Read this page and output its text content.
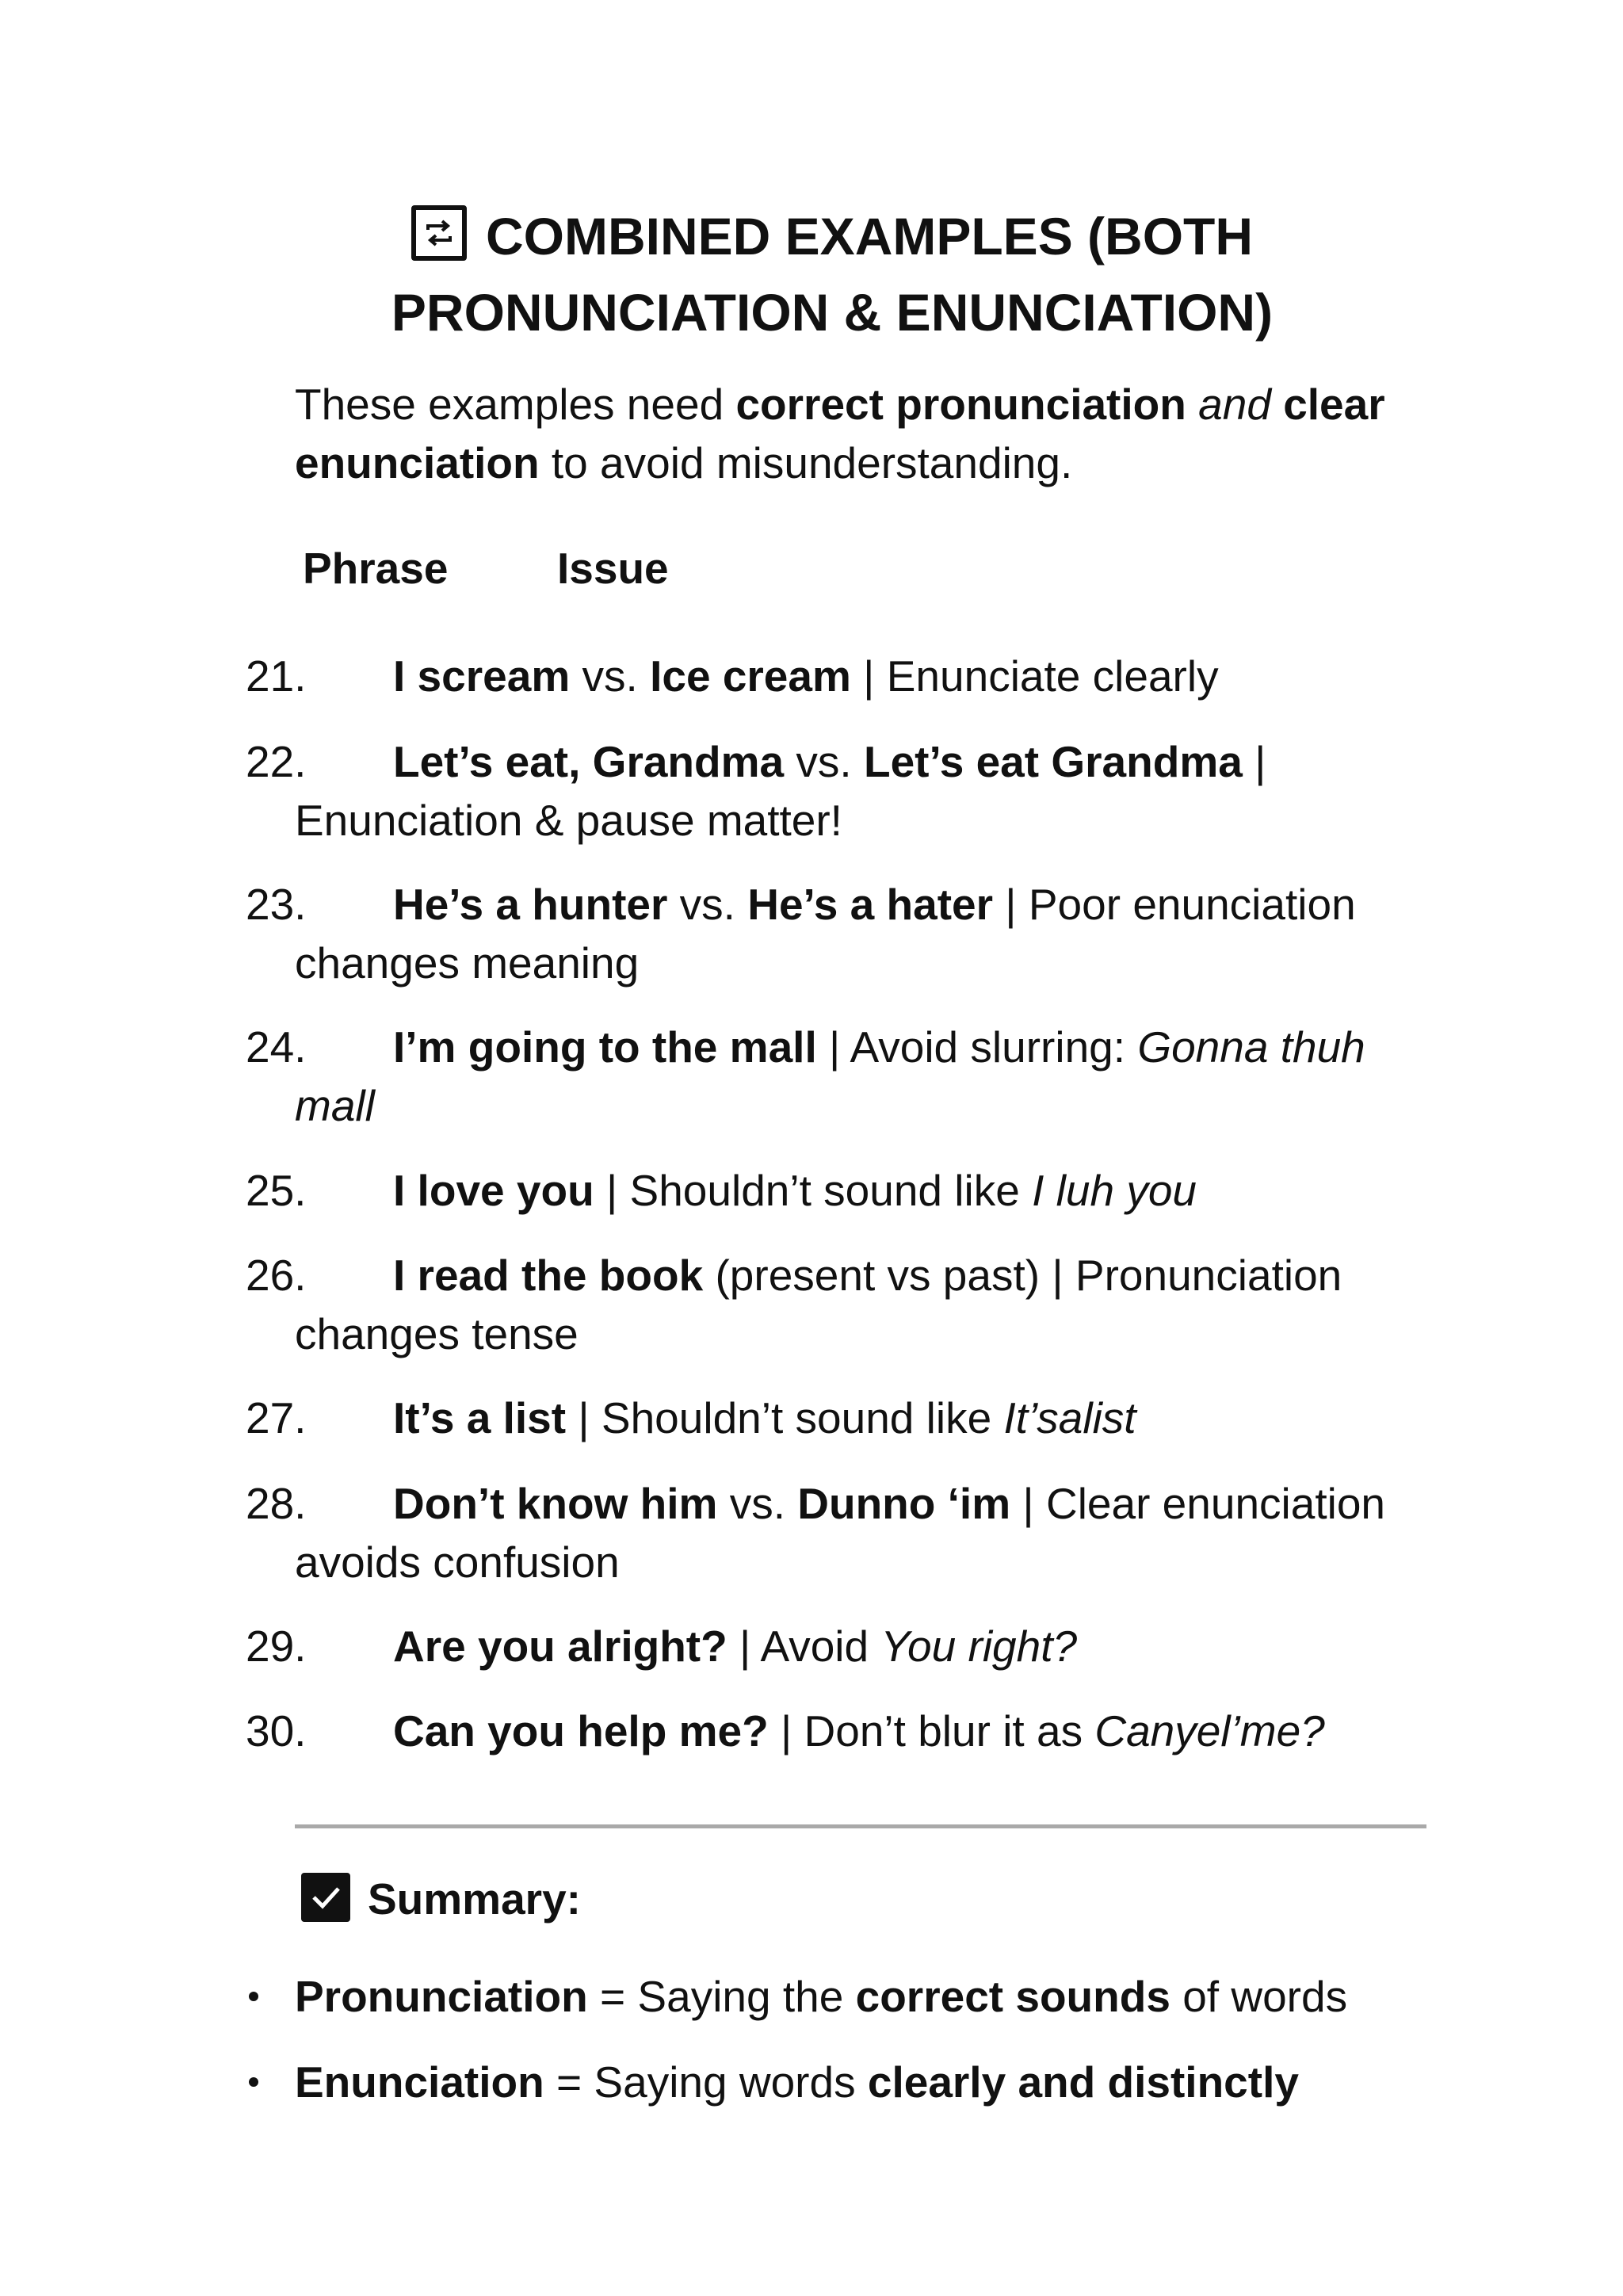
COMBINED EXAMPLES (BOTH
PRONUNCIATION & ENUNCIATION)
These examples need correct pronunciation and clear enunciation to avoid misunderstanding.
Phrase	Issue
21.	I scream vs. Ice cream | Enunciate clearly
22.	Let’s eat, Grandma vs. Let’s eat Grandma | Enunciation & pause matter!
23.	He’s a hunter vs. He’s a hater | Poor enunciation changes meaning
24.	I’m going to the mall | Avoid slurring: Gonna thuh mall
25.	I love you | Shouldn’t sound like I luh you
26.	I read the book (present vs past) | Pronunciation changes tense
27.	It’s a list | Shouldn’t sound like It’salist
28.	Don’t know him vs. Dunno ‘im | Clear enunciation avoids confusion
29.	Are you alright? | Avoid You right?
30.	Can you help me? | Don’t blur it as Canyel’me?
Summary:
Pronunciation = Saying the correct sounds of words
Enunciation = Saying words clearly and distinctly
